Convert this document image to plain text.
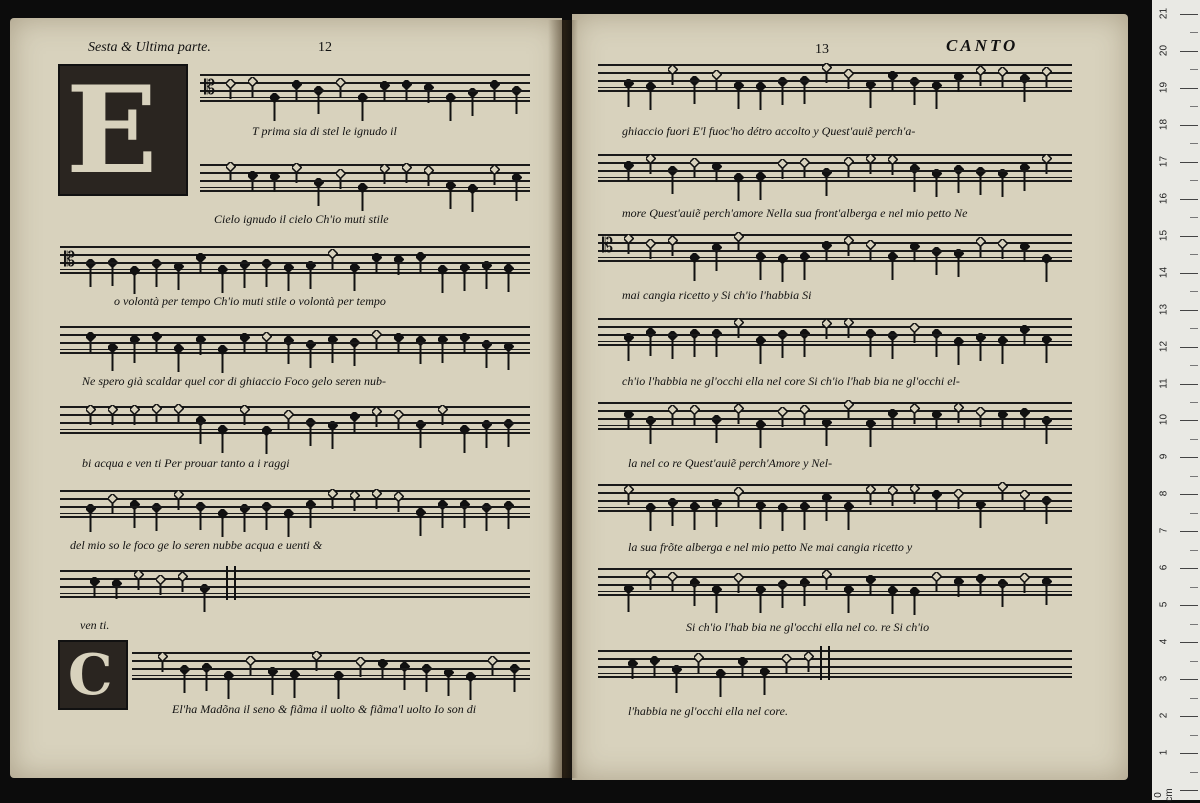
0 cm
1
2
3
4
5
6
7
8
9
10
11
12
13
14
15
16
17
18
19
20
21
Sesta & Ultima parte.	12
E	T prima sia di stel le ignudo il
Cielo ignudo il cielo Ch'io muti stile
o volontà per tempo Ch'io muti stile o volontà per tempo
Ne spero già scaldar quel cor di ghiaccio Foco gelo seren nub-
bi acqua e ven ti Per prouar tanto a i raggi
del mio so le foco ge lo seren nubbe acqua e uenti &
ven ti.
C
El'ha Madõna il seno & fiãma il uolto & fiãma'l uolto Io son di
13	CANTO
ghiaccio fuori E'l fuoc'ho détro accolto y Quest'auiẽ perch'a-
more Quest'auiẽ perch'amore Nella sua front'alberga e nel mio petto Ne
mai cangia ricetto y Si ch'io l'habbia Si
ch'io l'habbia ne gl'occhi ella nel core Si ch'io l'hab bia ne gl'occhi el-
la nel co re Quest'auiẽ perch'Amore y Nel-
la sua frõte alberga e nel mio petto Ne mai cangia ricetto y
Si ch'io l'hab bia ne gl'occhi ella nel co. re Si ch'io
l'habbia ne gl'occhi ella nel core.
𝄡
𝄡
𝄡
